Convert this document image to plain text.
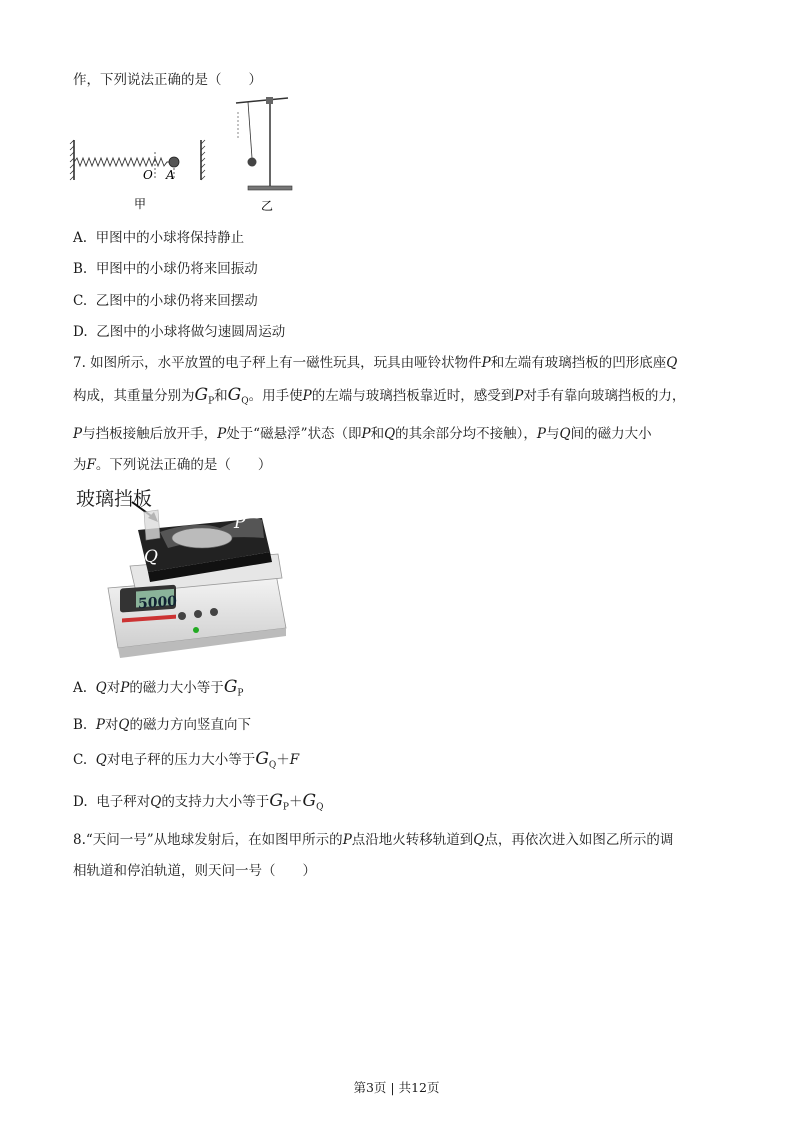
作，下列说法正确的是（　　）
O A
甲	乙
A. 甲图中的小球将保持静止
B. 甲图中的小球仍将来回振动
C. 乙图中的小球仍将来回摆动
D. 乙图中的小球将做匀速圆周运动
7. 如图所示，水平放置的电子秤上有一磁性玩具，玩具由哑铃状物件P和左端有玻璃挡板的凹形底座Q
构成，其重量分别为$G_P$和$G_Q$。用手使P的左端与玻璃挡板靠近时，感受到P对手有靠向玻璃挡板的力，
P与挡板接触后放开手，P处于“磁悬浮”状态（即P和Q的其余部分均不接触），P与Q间的磁力大小
为F。下列说法正确的是（　　）
玻璃挡板
5000
P
Q
A. Q对P的磁力大小等于$G_P$
B. P对Q的磁力方向竖直向下
C. Q对电子秤的压力大小等于$G_Q+F$
D. 电子秤对Q的支持力大小等于$G_P+G_Q$
8.“天问一号”从地球发射后，在如图甲所示的P点沿地火转移轨道到Q点，再依次进入如图乙所示的调
相轨道和停泊轨道，则天问一号（　　）
第3页 | 共12页
